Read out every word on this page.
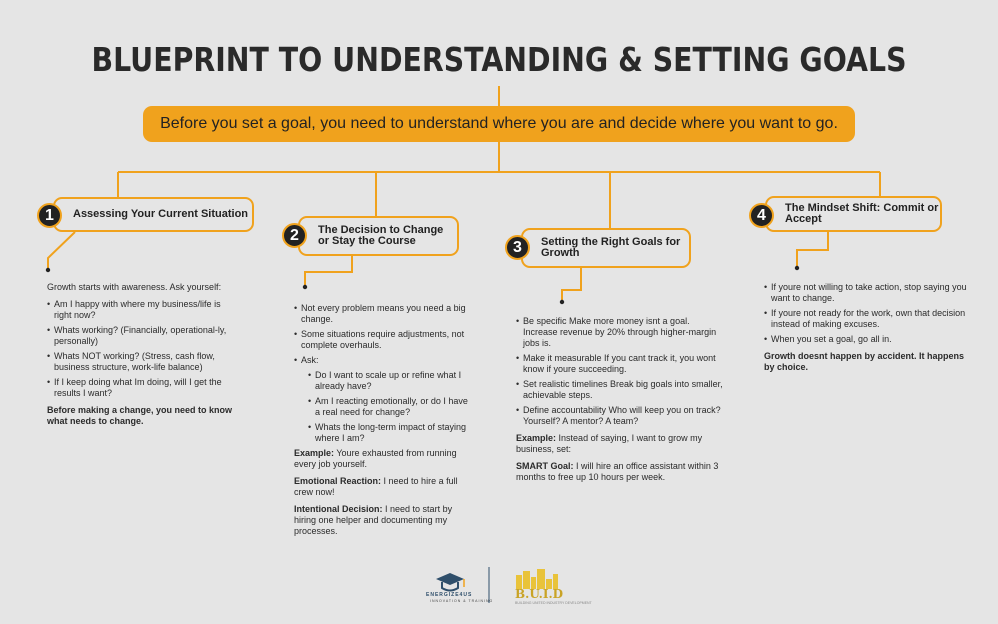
BLUEPRINT TO UNDERSTANDING & SETTING GOALS
Before you set a goal, you need to understand where you are and decide where you want to go.
1	Assessing Your Current Situation

Growth starts with awareness. Ask yourself:

• Am I happy with where my business/life is right now?
• Whats working? (Financially, operational-ly, personally)
• Whats NOT working? (Stress, cash flow, business structure, work-life balance)
• If I keep doing what Im doing, will I get the results I want?

Before making a change, you need to know what needs to change.

2	The Decision to Change or Stay the Course
• Not every problem means you need a big change.
• Some situations require adjustments, not complete overhauls.
• Ask:
• Do I want to scale up or refine what I already have?
• Am I reacting emotionally, or do I have a real need for change?
• Whats the long-term impact of staying where I am?

Example: Youre exhausted from running every job yourself.

Emotional Reaction: I need to hire a full crew now!

Intentional Decision: I need to start by hiring one helper and documenting my processes.

3	Setting the Right Goals for Growth
• Be specific Make more money isnt a goal. Increase revenue by 20% through higher-margin jobs is.
• Make it measurable If you cant track it, you wont know if youre succeeding.
• Set realistic timelines Break big goals into smaller, achievable steps.
• Define accountability Who will keep you on track? Yourself? A mentor? A team?

Example: Instead of saying, I want to grow my business, set:

SMART Goal: I will hire an office assistant within 3 months to free up 10 hours per week.

4	The Mindset Shift: Commit or Accept
• If youre not willing to take action, stop saying you want to change.
• If youre not ready for the work, own that decision instead of making excuses.
• When you set a goal, go all in.

Growth doesnt happen by accident. It happens by choice.

ENERGIZE4US
INNOVATION & TRAINING B.U.I.D
BUILDING UNITED INDUSTRY DEVELOPMENT
